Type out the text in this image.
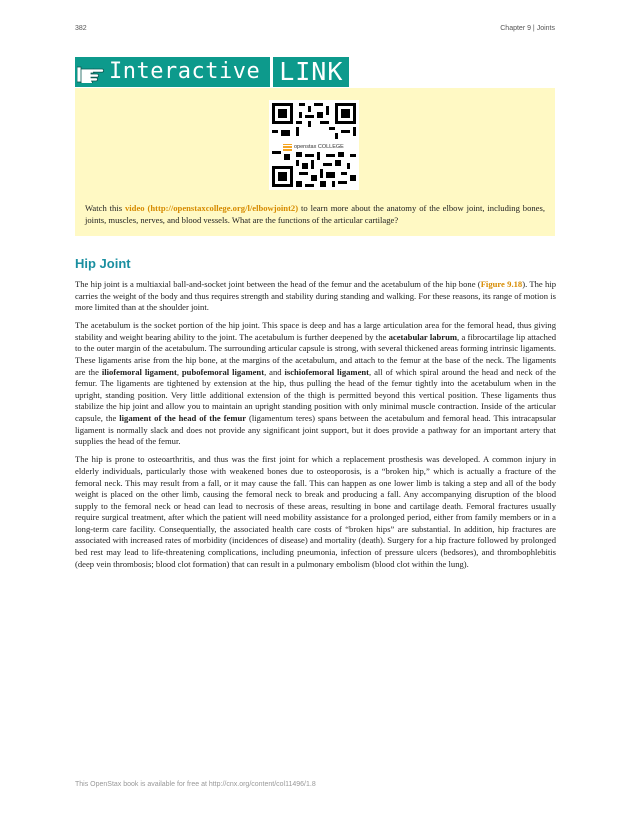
382	Chapter 9 | Joints
Interactive LINK
openstax COLLEGE
Watch this video (http://openstaxcollege.org/l/elbowjoint2) to learn more about the anatomy of the elbow joint, including bones, joints, muscles, nerves, and blood vessels. What are the functions of the articular cartilage?
Hip Joint

The hip joint is a multiaxial ball-and-socket joint between the head of the femur and the acetabulum of the hip bone (Figure 9.18). The hip carries the weight of the body and thus requires strength and stability during standing and walking. For these reasons, its range of motion is more limited than at the shoulder joint.

The acetabulum is the socket portion of the hip joint. This space is deep and has a large articulation area for the femoral head, thus giving stability and weight bearing ability to the joint. The acetabulum is further deepened by the acetabular labrum, a fibrocartilage lip attached to the outer margin of the acetabulum. The surrounding articular capsule is strong, with several thickened areas forming intrinsic ligaments. These ligaments arise from the hip bone, at the margins of the acetabulum, and attach to the femur at the base of the neck. The ligaments are the iliofemoral ligament, pubofemoral ligament, and ischiofemoral ligament, all of which spiral around the head and neck of the femur. The ligaments are tightened by extension at the hip, thus pulling the head of the femur tightly into the acetabulum when in the upright, standing position. Very little additional extension of the thigh is permitted beyond this vertical position. These ligaments thus stabilize the hip joint and allow you to maintain an upright standing position with only minimal muscle contraction. Inside of the articular capsule, the ligament of the head of the femur (ligamentum teres) spans between the acetabulum and femoral head. This intracapsular ligament is normally slack and does not provide any significant joint support, but it does provide a pathway for an important artery that supplies the head of the femur.

The hip is prone to osteoarthritis, and thus was the first joint for which a replacement prosthesis was developed. A common injury in elderly individuals, particularly those with weakened bones due to osteoporosis, is a “broken hip,” which is actually a fracture of the femoral neck. This may result from a fall, or it may cause the fall. This can happen as one lower limb is taking a step and all of the body weight is placed on the other limb, causing the femoral neck to break and producing a fall. Any accompanying disruption of the blood supply to the femoral neck or head can lead to necrosis of these areas, resulting in bone and cartilage death. Femoral fractures usually require surgical treatment, after which the patient will need mobility assistance for a prolonged period, either from family members or in a long-term care facility. Consequentially, the associated health care costs of “broken hips” are substantial. In addition, hip fractures are associated with increased rates of morbidity (incidences of disease) and mortality (death). Surgery for a hip fracture followed by prolonged bed rest may lead to life-threatening complications, including pneumonia, infection of pressure ulcers (bedsores), and thrombophlebitis (deep vein thrombosis; blood clot formation) that can result in a pulmonary embolism (blood clot within the lung).

This OpenStax book is available for free at http://cnx.org/content/col11496/1.8
